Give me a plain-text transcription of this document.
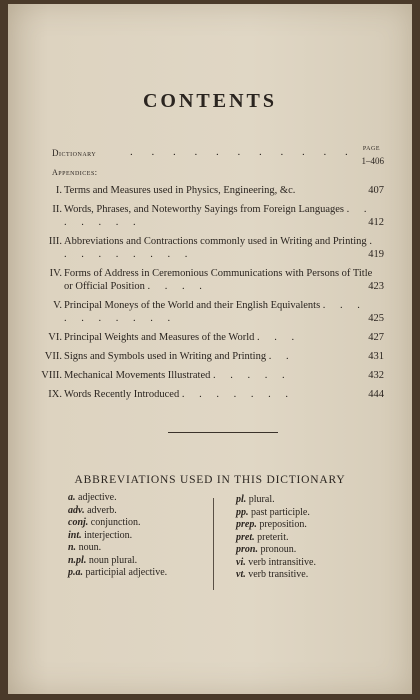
CONTENTS
Dictionary	. . . . . . . . . . . PAGE
1–406
Appendices:
I. Terms and Measures used in Physics, Engineering, &c.	407
II. Words, Phrases, and Noteworthy Sayings from Foreign Languages . . . . . . .	412
III. Abbreviations and Contractions commonly used in Writing and Printing . . . . . . . . .	419
IV. Forms of Address in Ceremonious Communications with Persons of Title or Official Position . . . .	423
V. Principal Moneys of the World and their English Equivalents . . . . . . . . . .	425
VI. Principal Weights and Measures of the World . . .	427
VII. Signs and Symbols used in Writing and Printing . .	431
VIII. Mechanical Movements Illustrated . . . . .	432
IX. Words Recently Introduced . . . . . . .	444
ABBREVIATIONS USED IN THIS DICTIONARY
a. adjective.
adv. adverb.
conj. conjunction.
int. interjection.
n. noun.
n.pl. noun plural.
p.a. participial adjective.
pl. plural.
pp. past participle.
prep. preposition.
pret. preterit.
pron. pronoun.
vi. verb intransitive.
vt. verb transitive.
